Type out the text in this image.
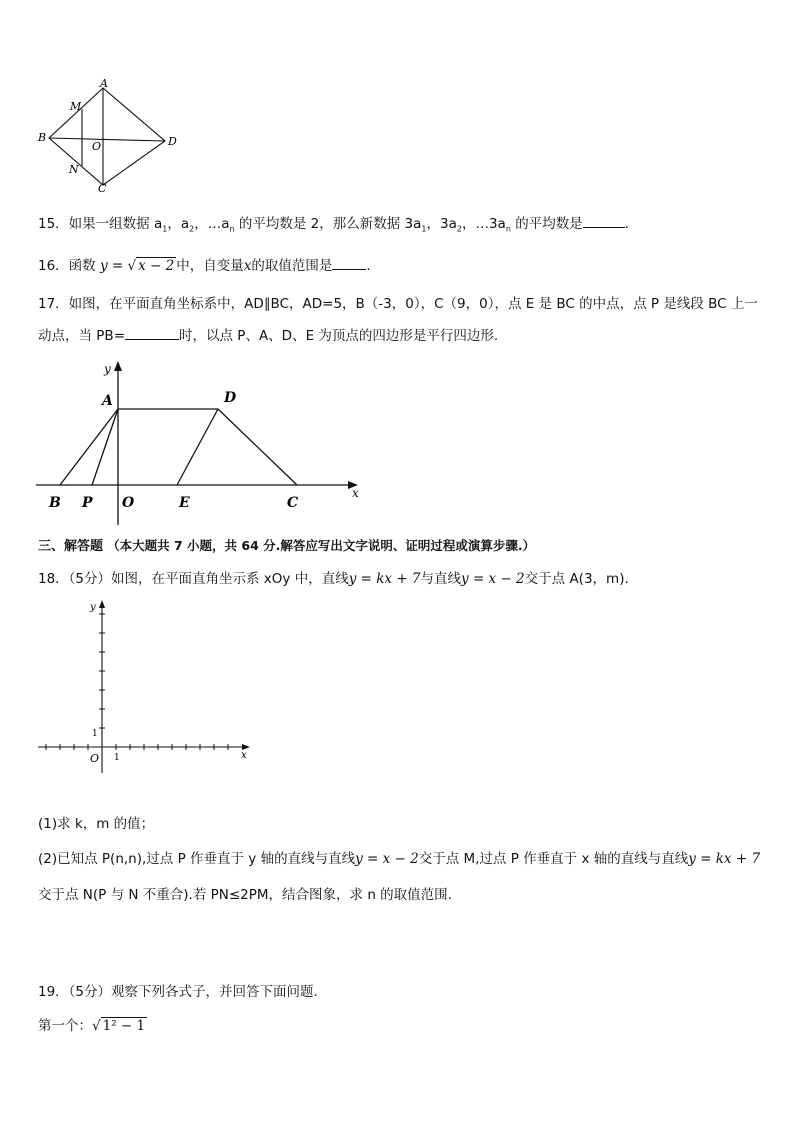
A
M
B
O	D
N
C
15．如果一组数据 $a_1$，$a_2$，$\dots a_n$ 的平均数是 2，那么新数据 $3a_1$，$3a_2$，$\dots 3a_n$ 的平均数是	．
16．函数 y = √ x − 2 中，自变量x的取值范围是	．
17．如图，在平面直角坐标系中，AD∥BC，AD=5，B（-3，0），C（9，0），点 E 是 BC 的中点，点 P 是线段 BC 上一
动点，当 PB=	时，以点 P、A、D、E 为顶点的四边形是平行四边形.
y
x
A	D
B P O	E	C
三、解答题 （本大题共 7 小题，共 64 分.解答应写出文字说明、证明过程或演算步骤.）
18．（5分）如图，在平面直角坐示系 xOy 中，直线y = kx + 7与直线y = x − 2交于点 A(3，m).
y
x
O
1
1
(1)求 k，m 的值；
(2)已知点 P(n,n),过点 P 作垂直于 y 轴的直线与直线y = x − 2交于点 M,过点 P 作垂直于 x 轴的直线与直线y = kx + 7
交于点 N(P 与 N 不重合).若 PN≤2PM，结合图象，求 n 的取值范围.
19．（5分）观察下列各式子，并回答下面问题．
第一个：√ 1² − 1
